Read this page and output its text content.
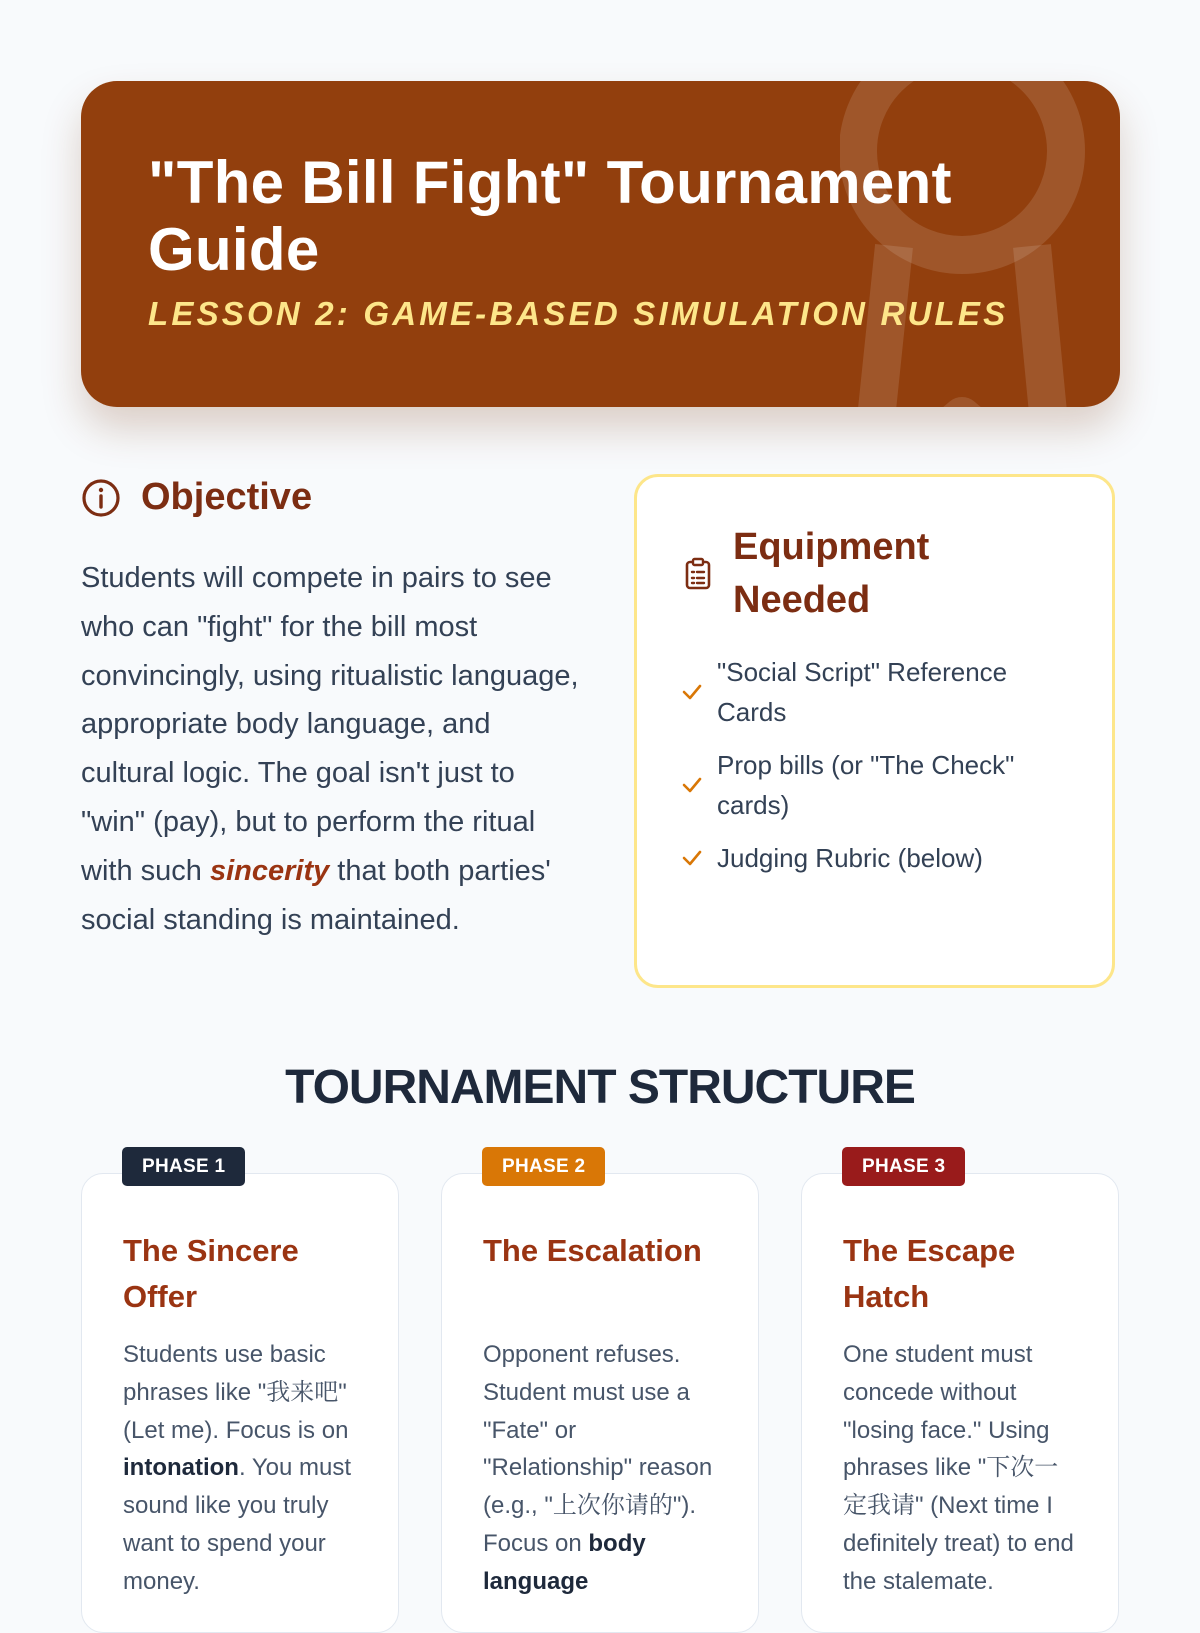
"The Bill Fight" Tournament Guide

LESSON 2: GAME-BASED SIMULATION RULES

Objective

Students will compete in pairs to see who can "fight" for the bill most convincingly, using ritualistic language, appropriate body language, and cultural logic. The goal isn't just to "win" (pay), but to perform the ritual with such sincerity that both parties' social standing is maintained.

Equipment Needed
"Social Script" Reference Cards
Prop bills (or "The Check" cards)
Judging Rubric (below)
TOURNAMENT STRUCTURE
The Sincere Offer

Students use basic phrases like "我来吧" (Let me). Focus is on intonation. You must sound like you truly want to spend your money.

PHASE 1
The Escalation

Opponent refuses. Student must use a "Fate" or "Relationship" reason (e.g., "上次你请的"). Focus on body language

PHASE 2
The Escape Hatch

One student must concede without "losing face." Using phrases like "下次一定我请" (Next time I definitely treat) to end the stalemate.

PHASE 3
